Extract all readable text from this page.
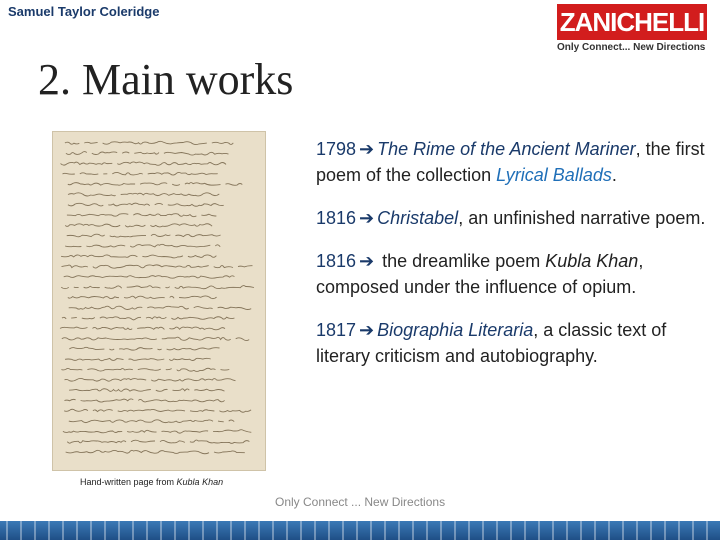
Samuel Taylor Coleridge	ZANICHELLI
Only Connect... New Directions
2. Main works
Hand-written page from Kubla Khan
1798 ➔ The Rime of the Ancient Mariner, the first poem of the collection Lyrical Ballads.
1816 ➔ Christabel, an unfinished narrative poem.
1816 ➔ the dreamlike poem Kubla Khan, composed under the influence of opium.
1817 ➔ Biographia Literaria, a classic text of literary criticism and autobiography.
Only Connect ... New Directions
